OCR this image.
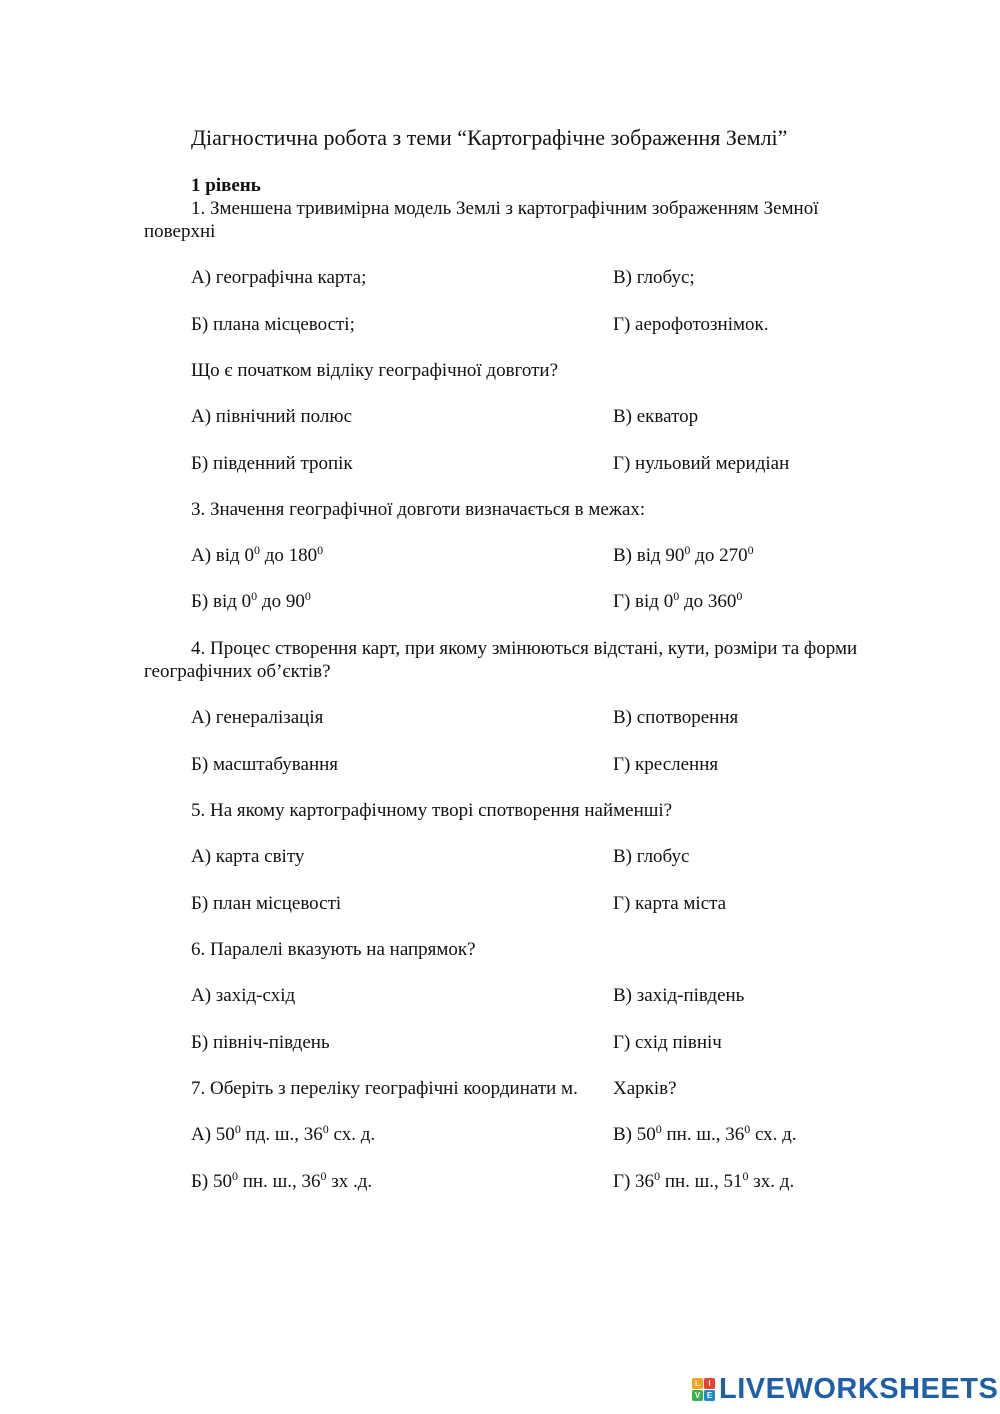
Діагностична робота з теми “Картографічне зображення Землі”
1 рівень
1. Зменшена тривимірна модель Землі з картографічним зображенням Земної
поверхні
А) географічна карта;	В) глобус;
Б) плана місцевості;	Г) аерофотознімок.
Що є початком відліку географічної довготи?
А) північний полюс	В) екватор
Б) південний тропік	Г) нульовий меридіан
3. Значення географічної довготи визначається в межах:
А) від $0^0$ до $180^0$	В) від $90^0$ до $270^0$
Б) від $0^0$ до $90^0$	Г) від $0^0$ до $360^0$
4. Процес створення карт, при якому змінюються відстані, кути, розміри та форми
географічних об’єктів?
А) генералізація	В) спотворення
Б) масштабування	Г) креслення
5. На якому картографічному творі спотворення найменші?
А) карта світу	В) глобус
Б) план місцевості	Г) карта міста
6. Паралелі вказують на напрямок?
А) захід-схід	В) захід-південь
Б) північ-південь	Г) схід північ
7. Оберіть з переліку географічні координати м. Харків?
А) $50^0$ пд. ш., $36^0$ сх. д.	В) $50^0$ пн. ш., $36^0$ сх. д.
Б) $50^0$ пн. ш., $36^0$ зх .д.	Г) $36^0$ пн. ш., $51^0$ зх. д.
L	I
V E LIVEWORKSHEETS
